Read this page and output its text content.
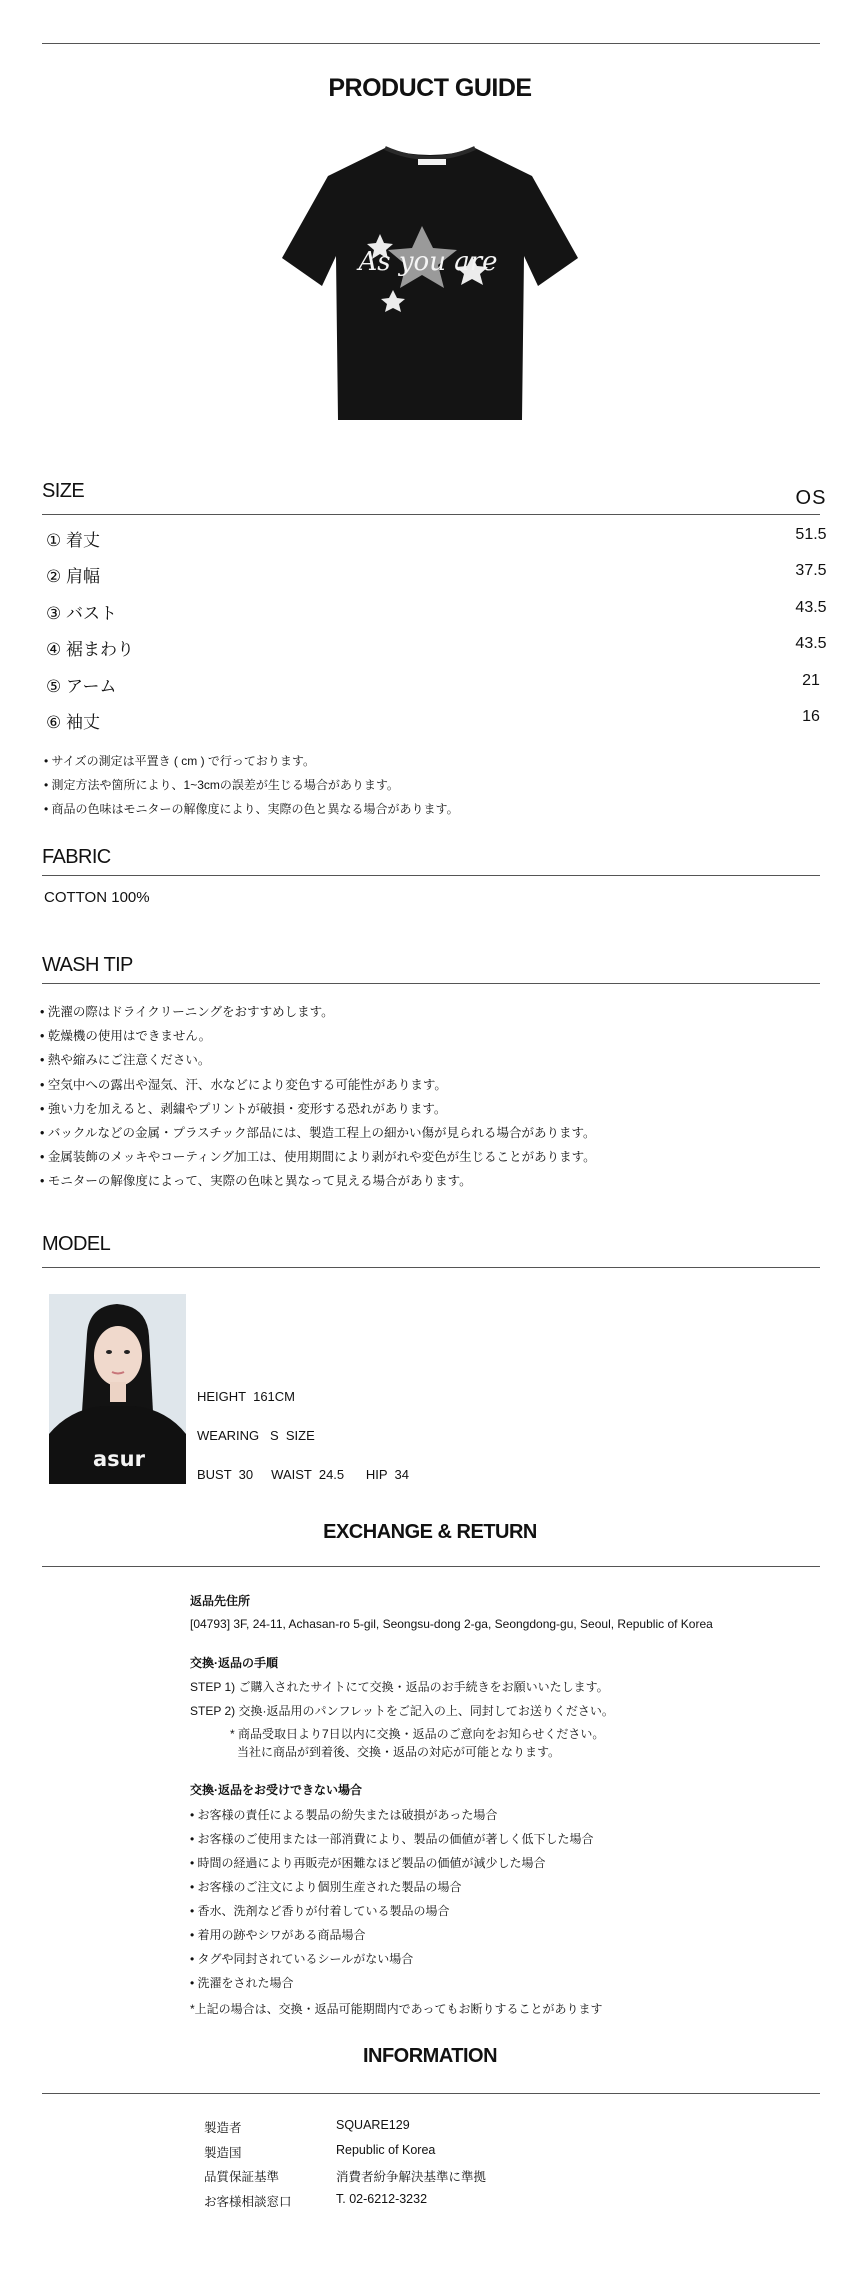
PRODUCT GUIDE
As you are
SIZE	OS
① 着丈	51.5
② 肩幅	37.5
③ バスト	43.5
④ 裾まわり	43.5
⑤ アーム	21
⑥ 袖丈	16
• サイズの測定は平置き ( cm ) で行っております。
• 測定方法や箇所により、1~3cmの誤差が生じる場合があります。
• 商品の色味はモニターの解像度により、実際の色と異なる場合があります。
FABRIC
COTTON 100%
WASH TIP
• 洗濯の際はドライクリーニングをおすすめします。
• 乾燥機の使用はできません。
• 熱や縮みにご注意ください。
• 空気中への露出や湿気、汗、水などにより変色する可能性があります。
• 強い力を加えると、剥繍やプリントが破損・変形する恐れがあります。
• バックルなどの金属・プラスチック部品には、製造工程上の細かい傷が見られる場合があります。
• 金属装飾のメッキやコーティング加工は、使用期間により剥がれや変色が生じることがあります。
• モニターの解像度によって、実際の色味と異なって見える場合があります。
MODEL
asur
HEIGHT  161CM
WEARING   S  SIZE
BUST  30     WAIST  24.5      HIP  34
EXCHANGE & RETURN
返品先住所
[04793] 3F, 24-11, Achasan-ro 5-gil, Seongsu-dong 2-ga, Seongdong-gu, Seoul, Republic of Korea
交換·返品の手順
STEP 1) ご購入されたサイトにて交換・返品のお手続きをお願いいたします。
STEP 2) 交換·返品用のパンフレットをご記入の上、同封してお送りください。
* 商品受取日より7日以内に交換・返品のご意向をお知らせください。
当社に商品が到着後、交換・返品の対応が可能となります。
交換·返品をお受けできない場合
• お客様の責任による製品の紛失または破損があった場合
• お客様のご使用または一部消費により、製品の価値が著しく低下した場合
• 時間の経過により再販売が困難なほど製品の価値が減少した場合
• お客様のご注文により個別生産された製品の場合
• 香水、洗剤など香りが付着している製品の場合
• 着用の跡やシワがある商品場合
• タグや同封されているシールがない場合
• 洗濯をされた場合
*上記の場合は、交換・返品可能期間内であってもお断りすることがあります
INFORMATION
製造者	SQUARE129
製造国	Republic of Korea
品質保証基準	消費者紛争解決基準に準拠
お客様相談窓口	T. 02-6212-3232
